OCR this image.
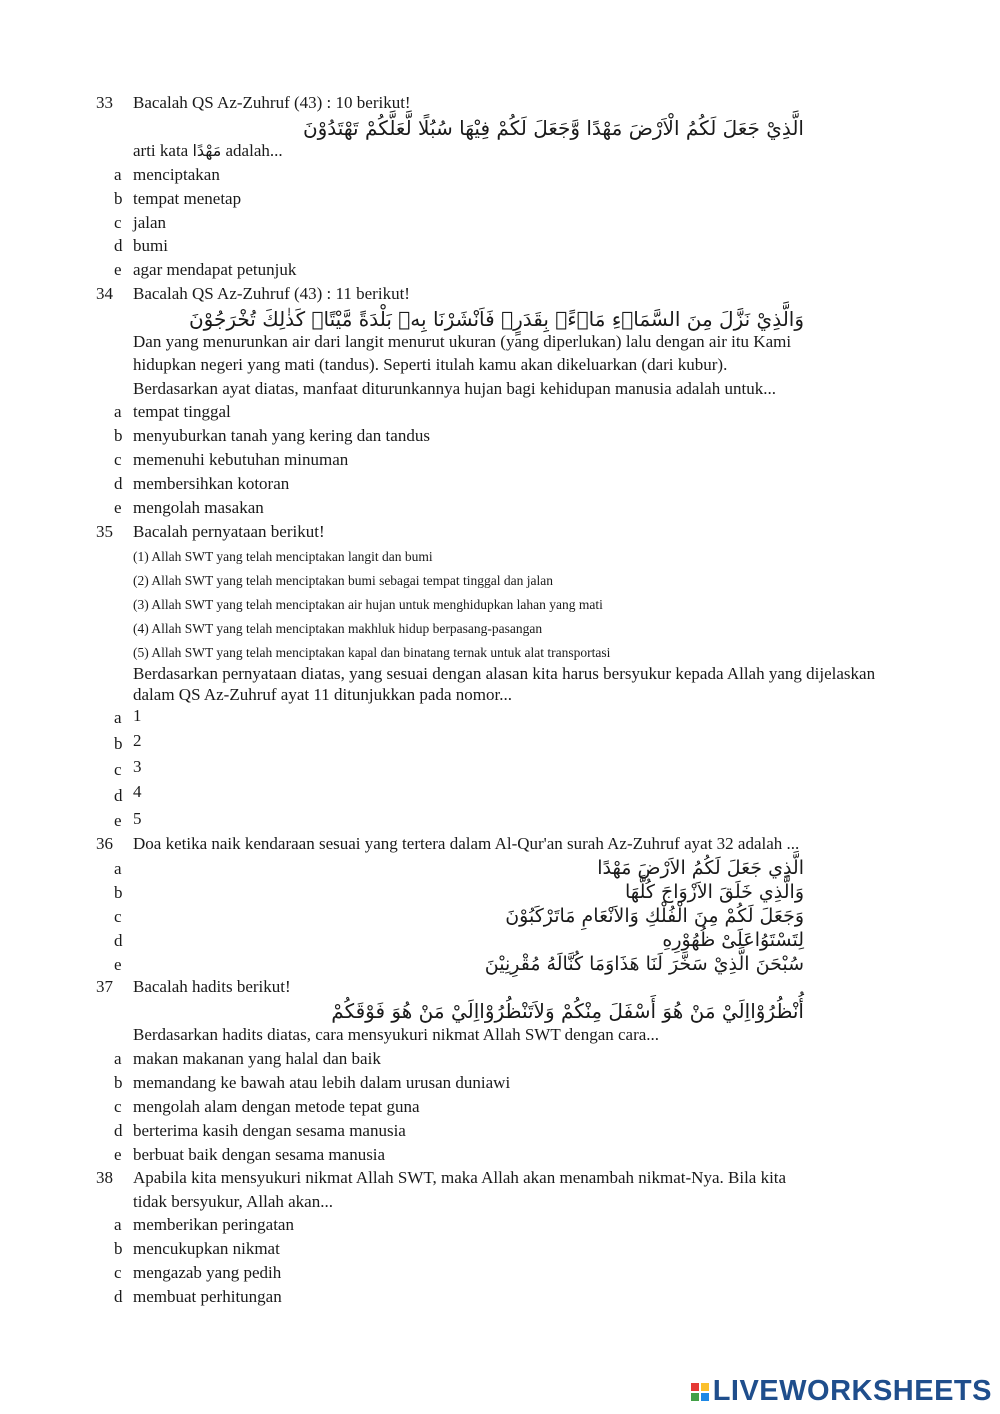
33	Bacalah QS Az-Zuhruf (43) : 10 berikut!
الَّذِيْ جَعَلَ لَكُمُ الْاَرْضَ مَهْدًا وَّجَعَلَ لَكُمْ فِيْهَا سُبُلًا لَّعَلَّكُمْ تَهْتَدُوْنَ
arti kata مَهْدًا adalah...
a menciptakan
b tempat menetap
c jalan
d bumi
e agar mendapat petunjuk
34	Bacalah QS Az-Zuhruf (43) : 11 berikut!
وَالَّذِيْ نَزَّلَ مِنَ السَّمَاۤءِ مَاۤءًۢ بِقَدَرٍۚ فَاَنْشَرْنَا بِهٖ بَلْدَةً مَّيْتًاۚ كَذٰلِكَ تُخْرَجُوْنَ
Dan yang menurunkan air dari langit menurut ukuran (yang diperlukan) lalu dengan air itu Kami
hidupkan negeri yang mati (tandus). Seperti itulah kamu akan dikeluarkan (dari kubur).
Berdasarkan ayat diatas, manfaat diturunkannya hujan bagi kehidupan manusia adalah untuk...
a tempat tinggal
b menyuburkan tanah yang kering dan tandus
c memenuhi kebutuhan minuman
d membersihkan kotoran
e mengolah masakan
35	Bacalah pernyataan berikut!
(1) Allah SWT yang telah menciptakan langit dan bumi
(2) Allah SWT yang telah menciptakan bumi sebagai tempat tinggal dan jalan
(3) Allah SWT yang telah menciptakan air hujan untuk menghidupkan lahan yang mati
(4) Allah SWT yang telah menciptakan makhluk hidup berpasang-pasangan
(5) Allah SWT yang telah menciptakan kapal dan binatang ternak untuk alat transportasi
Berdasarkan pernyataan diatas, yang sesuai dengan alasan kita harus bersyukur kepada Allah yang dijelaskan
dalam QS Az-Zuhruf ayat 11 ditunjukkan pada nomor...
a 1
b 2
c 3
d 4
e 5
36	Doa ketika naik kendaraan sesuai yang tertera dalam Al-Qur'an surah Az-Zuhruf ayat 32 adalah ...
a	الَّذِي جَعَلَ لَكُمُ الاَرْضَ مَهْدًا
b	وَالَّذِي خَلَقَ الاَزْوَاجَ كُلَّهَا
c	وَجَعَلَ لَكُمْ مِنَ الْفُلْكِ وَالاَنْعَامِ مَاتَرْكَبُوْنَ
d	لِتَسْتَوُاعَلَىْ ظُهُوْرِهِ
e	سُبْحَنَ الَّذِيْ سَخَّرَ لَنَا هَذَاوَمَا كُنَّالَهُ مُقْرِنِيْنَ
37	Bacalah hadits berikut!
أُنْظُرُوْااِلَيْ مَنْ هُوَ أَسْفَلَ مِنْكُمْ وَلاَتَنْظُرُوْااِلَيْ مَنْ هُوَ فَوْقَكُمْ
Berdasarkan hadits diatas, cara mensyukuri nikmat Allah SWT dengan cara...
a makan makanan yang halal dan baik
b memandang ke bawah atau lebih dalam urusan duniawi
c mengolah alam dengan metode tepat guna
d berterima kasih dengan sesama manusia
e berbuat baik dengan sesama manusia
38	Apabila kita mensyukuri nikmat Allah SWT, maka Allah akan menambah nikmat-Nya. Bila kita
tidak bersyukur, Allah akan...
a memberikan peringatan
b mencukupkan nikmat
c mengazab yang pedih
d membuat perhitungan
LIVEWORKSHEETS
